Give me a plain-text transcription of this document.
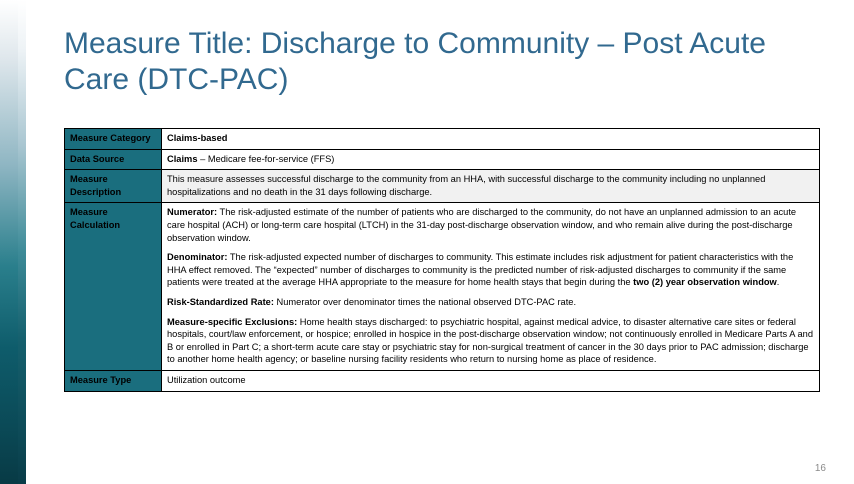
Measure Title: Discharge to Community – Post Acute Care (DTC-PAC)
Measure Category	Claims-based

Data Source	Claims – Medicare fee-for-service (FFS)

Measure Description	This measure assesses successful discharge to the community from an HHA, with successful discharge to the community including no unplanned hospitalizations and no death in the 31 days following discharge.

Measure Calculation	Numerator: The risk-adjusted estimate of the number of patients who are discharged to the community, do not have an unplanned admission to an acute care hospital (ACH) or long-term care hospital (LTCH) in the 31-day post-discharge observation window, and who remain alive during the post-discharge observation window.

Denominator: The risk-adjusted expected number of discharges to community. This estimate includes risk adjustment for patient characteristics with the HHA effect removed. The “expected” number of discharges to community is the predicted number of risk-adjusted discharges to community if the same patients were treated at the average HHA appropriate to the measure for home health stays that begin during the two (2) year observation window.

Risk-Standardized Rate: Numerator over denominator times the national observed DTC-PAC rate.

Measure-specific Exclusions: Home health stays discharged: to psychiatric hospital, against medical advice, to disaster alternative care sites or federal hospitals, court/law enforcement, or hospice; enrolled in hospice in the post-discharge observation window; not continuously enrolled in Medicare Parts A and B or enrolled in Part C; a short-term acute care stay or psychiatric stay for non-surgical treatment of cancer in the 30 days prior to PAC admission; discharge to another home health agency; or baseline nursing facility residents who return to nursing home as place of residence.

Measure Type	Utilization outcome

16
